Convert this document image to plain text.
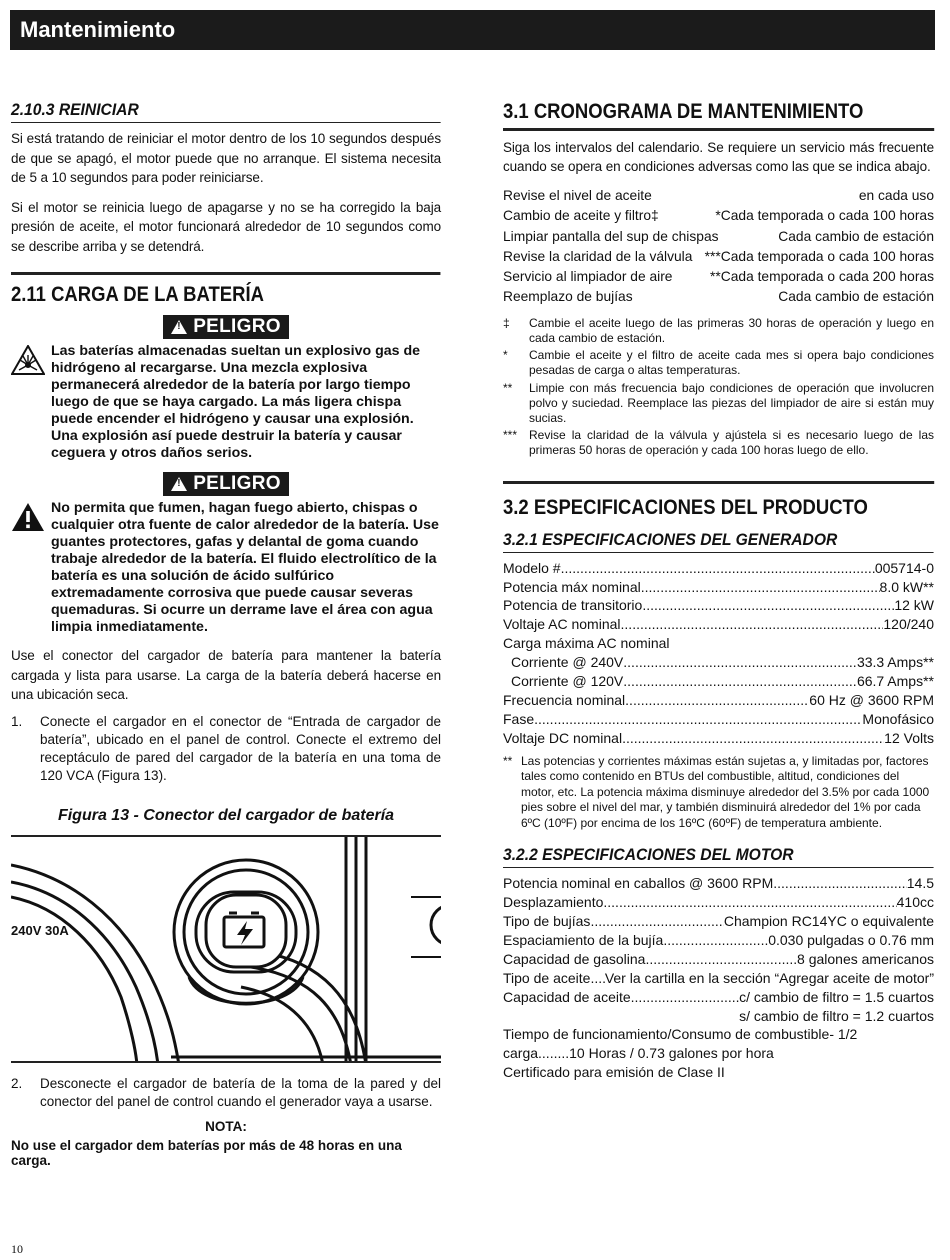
Mantenimiento
2.10.3 REINICIAR

Si está tratando de reiniciar el motor dentro de los 10 segundos después de que se apagó, el motor puede que no arranque. El sistema necesita de 5 a 10 segundos para poder reiniciarse.

Si el motor se reinicia luego de apagarse y no se ha corregido la baja presión de aceite, el motor funcionará alrededor de 10 segundos como se describe arriba y se detendrá.

2.11 CARGA DE LA BATERÍA
!
PELIGRO
Las baterías almacenadas sueltan un explosivo gas de hidrógeno al recargarse. Una mezcla explosiva permanecerá alrededor de la batería por largo tiempo luego de que se haya cargado. La más ligera chispa puede encender el hidrógeno y causar una explosión. Una explosión así puede destruir la batería y causar ceguera y otros daños serios.
!
PELIGRO
No permita que fumen, hagan fuego abierto, chispas o cualquier otra fuente de calor alrededor de la batería. Use guantes protectores, gafas y delantal de goma cuando trabaje alrededor de la batería. El fluido electrolítico de la batería es una solución de ácido sulfúrico extremadamente corrosiva que puede causar severas quemaduras. Si ocurre un derrame lave el área con agua limpia inmediatamente.

Use el conector del cargador de batería para mantener la batería cargada y lista para usarse. La carga de la batería deberá hacerse en una ubicación seca.

1.	Conecte el cargador en el conector de “Entrada de cargador de batería”, ubicado en el panel de control. Conecte el extremo del receptáculo de pared del cargador de la batería en una toma de 120 VCA (Figura 13).
Figura 13 - Conector del cargador de batería
240V 30A
2.	Desconecte el cargador de batería de la toma de la pared y del conector del panel de control cuando el generador vaya a usarse.
NOTA:
No use el cargador dem baterías por más de 48 horas en una carga.
3.1 CRONOGRAMA DE MANTENIMIENTO

Siga los intervalos del calendario. Se requiere un servicio más frecuente cuando se opera en condiciones adversas como las que se indica abajo.

Revise el nivel de aceite	en cada uso
Cambio de aceite y filtro‡	*Cada temporada o cada 100 horas
Limpiar pantalla del sup de chispas	Cada cambio de estación
Revise la claridad de la válvula ***Cada temporada o cada 100 horas
Servicio al limpiador de aire	**Cada temporada o cada 200 horas
Reemplazo de bujías	Cada cambio de estación
‡	Cambie el aceite luego de las primeras 30 horas de operación y luego en cada cambio de estación.
*	Cambie el aceite y el filtro de aceite cada mes si opera bajo condiciones pesadas de carga o altas temperaturas.
**	Limpie con más frecuencia bajo condiciones de operación que involucren polvo y suciedad. Reemplace las piezas del limpiador de aire si están muy sucias.
*** Revise la claridad de la válvula y ajústela si es necesario luego de las primeras 50 horas de operación y cada 100 horas luego de ello.
3.2 ESPECIFICACIONES DEL PRODUCTO
3.2.1 ESPECIFICACIONES DEL GENERADOR
Modelo # .....	005714-0
Potencia máx nominal .....	8.0 kW**
Potencia de transitorio .....	12 kW
Voltaje AC nominal .....	120/240
Carga máxima AC nominal
Corriente @ 240V .....	33.3 Amps**
Corriente @ 120V .....	66.7 Amps**
Frecuencia nominal .....	60 Hz @ 3600 RPM
Fase .....	Monofásico
Voltaje DC nominal .....	12 Volts
** Las potencias y corrientes máximas están sujetas a, y limitadas por, factores tales como contenido en BTUs del combustible, altitud, condiciones del motor, etc. La potencia máxima disminuye alrededor del 3.5% por cada 1000 pies sobre el nivel del mar, y también disminuirá alrededor del 1% por cada 6ºC (10ºF) por encima de los 16ºC (60ºF) de temperatura ambiente.
3.2.2 ESPECIFICACIONES DEL MOTOR
Potencia nominal en caballos @ 3600 RPM .....	14.5
Desplazamiento .....	410cc
Tipo de bujías .....	Champion RC14YC o equivalente
Espaciamiento de la bujía .....	0.030 pulgadas o 0.76 mm
Capacidad de gasolina .....	8 galones americanos
Tipo de aceite ..... Ver la cartilla en la sección “Agregar aceite de motor”
Capacidad de aceite .....	c/ cambio de filtro = 1.5 cuartos
s/ cambio de filtro = 1.2 cuartos
Tiempo de funcionamiento/Consumo de combustible- 1/2 carga........10 Horas / 0.73 galones por hora
Certificado para emisión de Clase II
10
